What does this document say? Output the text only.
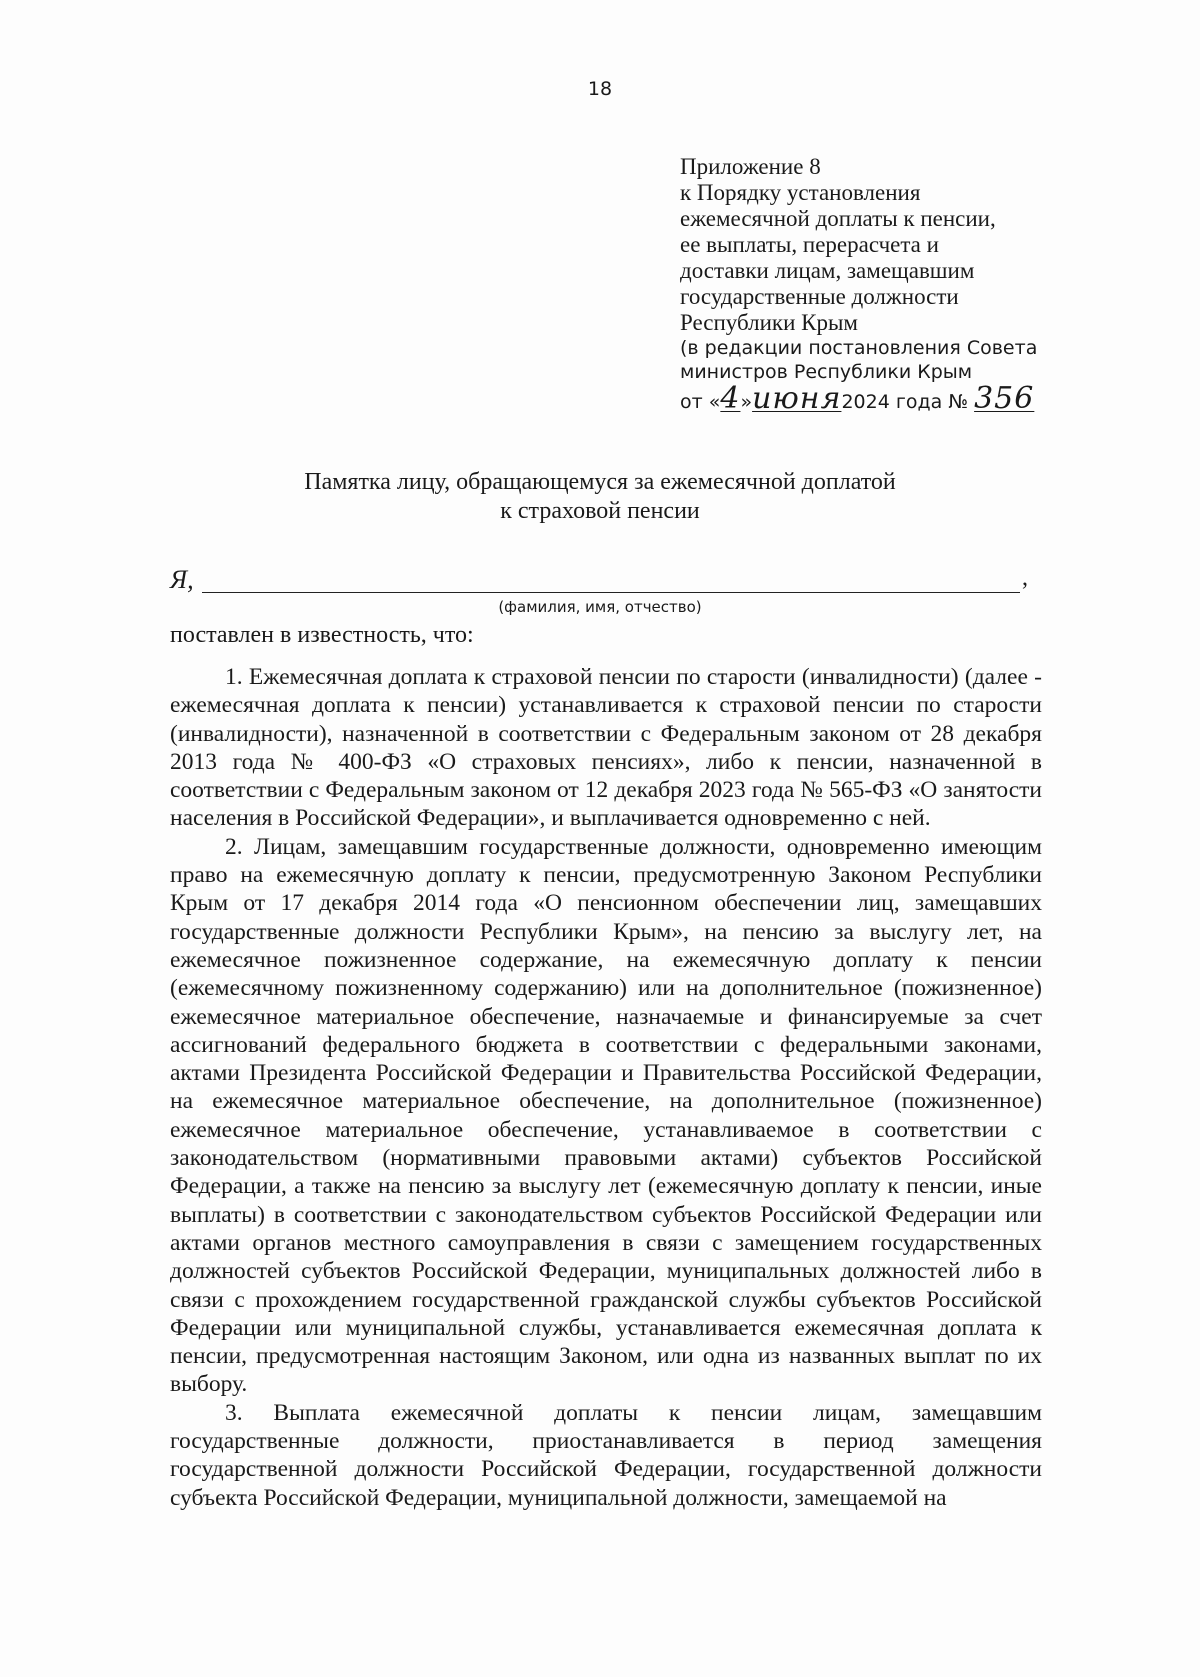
18
Приложение 8
к Порядку установления
ежемесячной доплаты к пенсии,
ее выплаты, перерасчета и
доставки лицам, замещавшим
государственные должности
Республики Крым
(в редакции постановления Совета
министров Республики Крым
от «4»июня2024 года № 356
Памятка лицу, обращающемуся за ежемесячной доплатой
к страховой пенсии
Я,	,
(фамилия, имя, отчество)
поставлен в известность, что:

1. Ежемесячная доплата к страховой пенсии по старости (инвалидности) (далее - ежемесячная доплата к пенсии) устанавливается к страховой пенсии по старости (инвалидности), назначенной в соответствии с Федеральным законом от 28 декабря 2013 года № 400-ФЗ «О страховых пенсиях», либо к пенсии, назначенной в соответствии с Федеральным законом от 12 декабря 2023 года № 565-ФЗ «О занятости населения в Российской Федерации», и выплачивается одновременно с ней.

2. Лицам, замещавшим государственные должности, одновременно имеющим право на ежемесячную доплату к пенсии, предусмотренную Законом Республики Крым от 17 декабря 2014 года «О пенсионном обеспечении лиц, замещавших государственные должности Республики Крым», на пенсию за выслугу лет, на ежемесячное пожизненное содержание, на ежемесячную доплату к пенсии (ежемесячному пожизненному содержанию) или на дополнительное (пожизненное) ежемесячное материальное обеспечение, назначаемые и финансируемые за счет ассигнований федерального бюджета в соответствии с федеральными законами, актами Президента Российской Федерации и Правительства Российской Федерации, на ежемесячное материальное обеспечение, на дополнительное (пожизненное) ежемесячное материальное обеспечение, устанавливаемое в соответствии с законодательством (нормативными правовыми актами) субъектов Российской Федерации, а также на пенсию за выслугу лет (ежемесячную доплату к пенсии, иные выплаты) в соответствии с законодательством субъектов Российской Федерации или актами органов местного самоуправления в связи с замещением государственных должностей субъектов Российской Федерации, муниципальных должностей либо в связи с прохождением государственной гражданской службы субъектов Российской Федерации или муниципальной службы, устанавливается ежемесячная доплата к пенсии, предусмотренная настоящим Законом, или одна из названных выплат по их выбору.

3. Выплата ежемесячной доплаты к пенсии лицам, замещавшим государственные должности, приостанавливается в период замещения государственной должности Российской Федерации, государственной должности субъекта Российской Федерации, муниципальной должности, замещаемой на
